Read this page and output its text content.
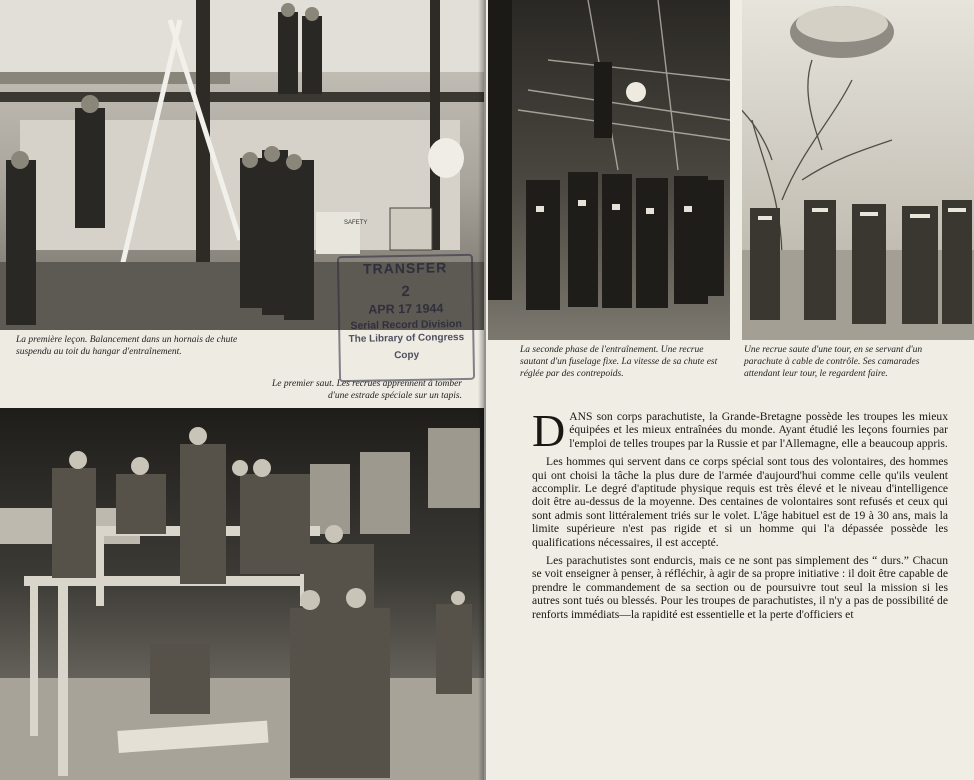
SAFETY
La première leçon. Balancement dans un hornais de chute suspendu au toit du hangar d'entraînement.
Le premier saut. Les recrues apprennent à tomber d'une estrade spéciale sur un tapis.
TRANSFER
2
APR 17 1944
Serial Record Division
The Library of Congress
Copy	La seconde phase de l'entraînement. Une recrue sautant d'un fuselage fixe. La vitesse de sa chute est réglée par des contrepoids.
Une recrue saute d'une tour, en se servant d'un parachute à cable de contrôle. Ses camarades attendant leur tour, le regardent faire.

DANS son corps parachutiste, la Grande-Bretagne possède les troupes les mieux équipées et les mieux entraînées du monde. Ayant étudié les leçons fournies par l'emploi de telles troupes par la Russie et par l'Allemagne, elle a beaucoup appris.

Les hommes qui servent dans ce corps spécial sont tous des volontaires, des hommes qui ont choisi la tâche la plus dure de l'armée d'aujourd'hui comme celle qu'ils veulent accomplir. Le degré d'aptitude physique requis est très élevé et le niveau d'intelligence doit être au-dessus de la moyenne. Des centaines de volontaires sont refusés et ceux qui sont admis sont littéralement triés sur le volet. L'âge habituel est de 19 à 30 ans, mais la limite supérieure n'est pas rigide et si un homme qui l'a dépassée possède les qualifications nécessaires, il est accepté.

Les parachutistes sont endurcis, mais ce ne sont pas simplement des “ durs.” Chacun se voit enseigner à penser, à réfléchir, à agir de sa propre initiative : il doit être capable de prendre le commandement de sa section ou de poursuivre tout seul la mission si les autres sont tués ou blessés. Pour les troupes de parachutistes, il n'y a pas de possibilité de renforts immédiats—la rapidité est essentielle et la perte d'officiers et
